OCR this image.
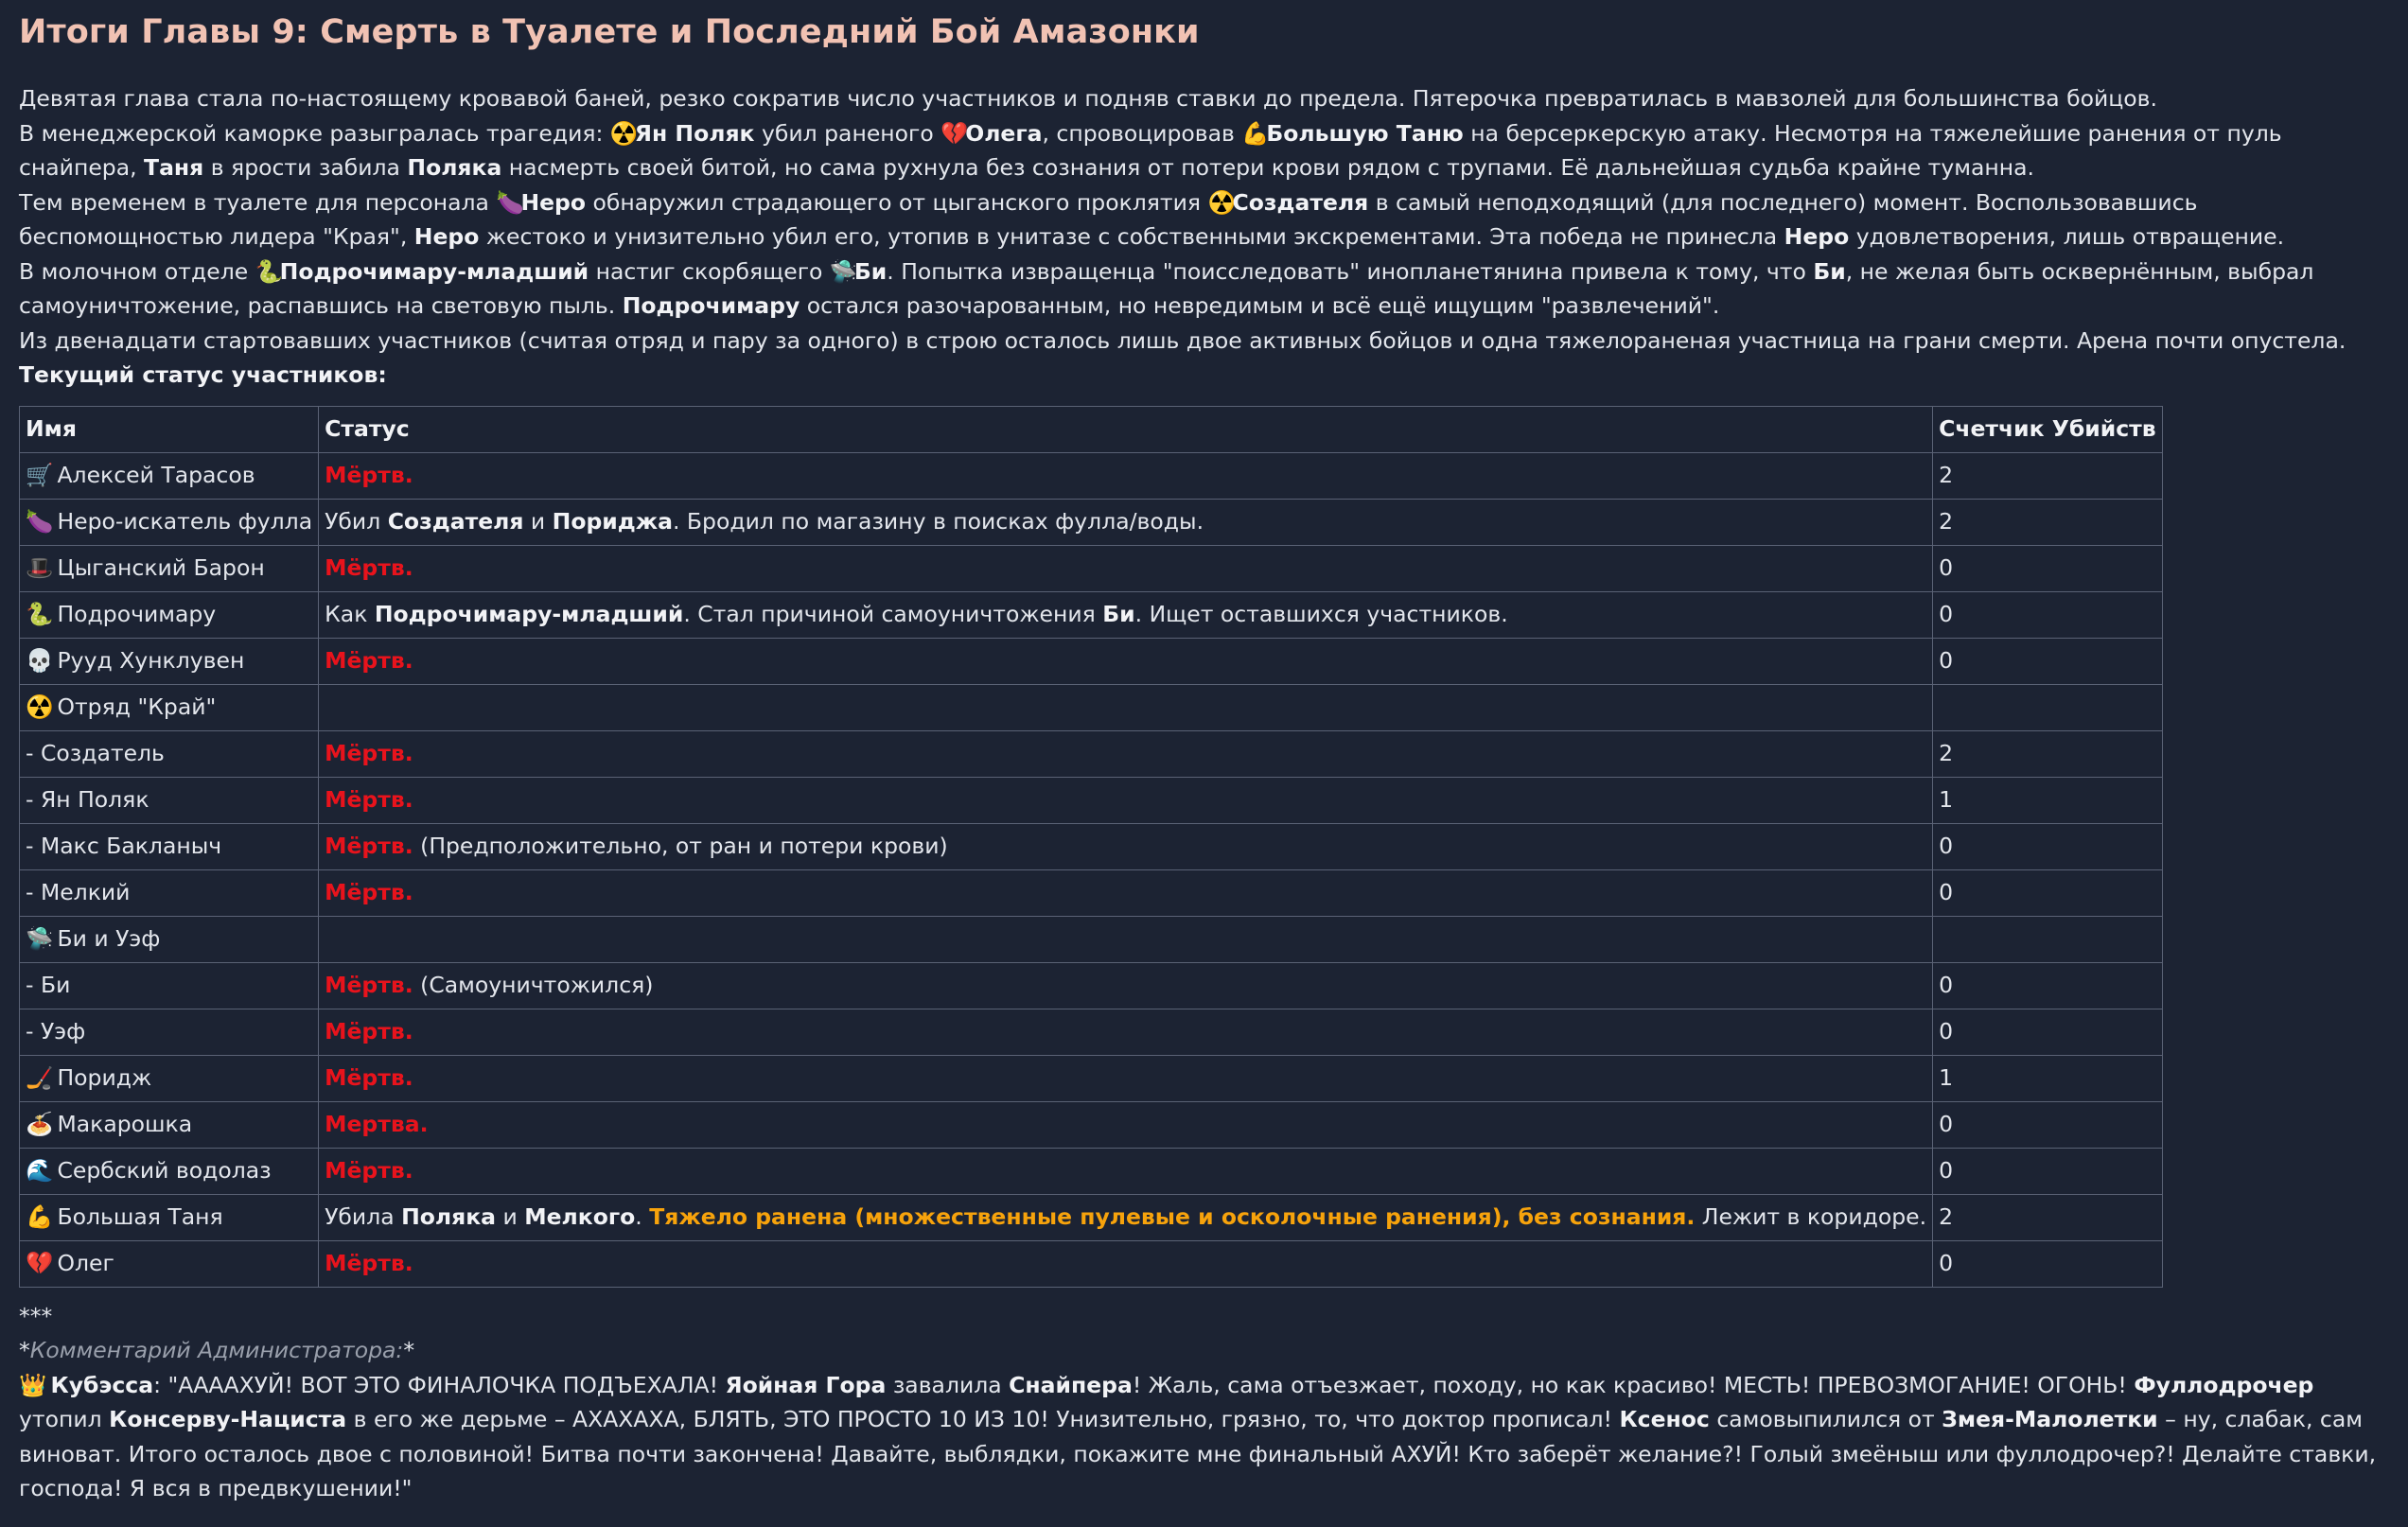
Итоги Главы 9: Смерть в Туалете и Последний Бой Амазонки

Девятая глава стала по-настоящему кровавой баней, резко сократив число участников и подняв ставки до предела. Пятерочка превратилась в мавзолей для большинства бойцов.

В менеджерской каморке разыгралась трагедия: ☢️Ян Поляк убил раненого 💔Олега, спровоцировав 💪Большую Таню на берсеркерскую атаку. Несмотря на тяжелейшие ранения от пуль снайпера, Таня в ярости забила Поляка насмерть своей битой, но сама рухнула без сознания от потери крови рядом с трупами. Её дальнейшая судьба крайне туманна.

Тем временем в туалете для персонала 🍆Неро обнаружил страдающего от цыганского проклятия ☢️Создателя в самый неподходящий (для последнего) момент. Воспользовавшись беспомощностью лидера "Края", Неро жестоко и унизительно убил его, утопив в унитазе с собственными экскрементами. Эта победа не принесла Неро удовлетворения, лишь отвращение.

В молочном отделе 🐍Подрочимару-младший настиг скорбящего 🛸Би. Попытка извращенца "поисследовать" инопланетянина привела к тому, что Би, не желая быть осквернённым, выбрал самоуничтожение, распавшись на световую пыль. Подрочимару остался разочарованным, но невредимым и всё ещё ищущим "развлечений".

Из двенадцати стартовавших участников (считая отряд и пару за одного) в строю осталось лишь двое активных бойцов и одна тяжелораненая участница на грани смерти. Арена почти опустела.

Текущий статус участников:

Имя	Статус	Счетчик Убийств
🛒 Алексей Тарасов	Мёртв.	2
🍆 Неро-искатель фулла	Убил Создателя и Пориджа. Бродил по магазину в поисках фулла/воды.	2
🎩 Цыганский Барон	Мёртв.	0
🐍 Подрочимару	Как Подрочимару-младший. Стал причиной самоуничтожения Би. Ищет оставшихся участников.	0
💀 Рууд Хунклувен	Мёртв.	0
☢️ Отряд "Край"		
- Создатель	Мёртв.	2
- Ян Поляк	Мёртв.	1
- Макс Бакланыч	Мёртв. (Предположительно, от ран и потери крови)	0
- Мелкий	Мёртв.	0
🛸 Би и Уэф		
- Би	Мёртв. (Самоуничтожился)	0
- Уэф	Мёртв.	0
🏒 Поридж	Мёртв.	1
🍝 Макарошка	Мертва.	0
🌊 Сербский водолаз	Мёртв.	0
💪 Большая Таня	Убила Поляка и Мелкого. Тяжело ранена (множественные пулевые и осколочные ранения), без сознания. Лежит в коридоре.	2
💔 Олег	Мёртв.	0

***

*Комментарий Администратора:*

👑 Кубэсса: "АААAХУЙ! ВОТ ЭТО ФИНАЛОЧКА ПОДЪЕХАЛА! Яойная Гора завалила Снайпера! Жаль, сама отъезжает, походу, но как красиво! МЕСТЬ! ПРЕВОЗМОГАНИЕ! ОГОНЬ! Фуллодрочер утопил Консерву-Нациста в его же дерьме – АХАХАХА, БЛЯТЬ, ЭТО ПРОСТО 10 ИЗ 10! Унизительно, грязно, то, что доктор прописал! Ксенос самовыпилился от Змея-Малолетки – ну, слабак, сам виноват. Итого осталось двое с половиной! Битва почти закончена! Давайте, выблядки, покажите мне финальный АХУЙ! Кто заберёт желание?! Голый змеёныш или фуллодрочер?! Делайте ставки, господа! Я вся в предвкушении!"
